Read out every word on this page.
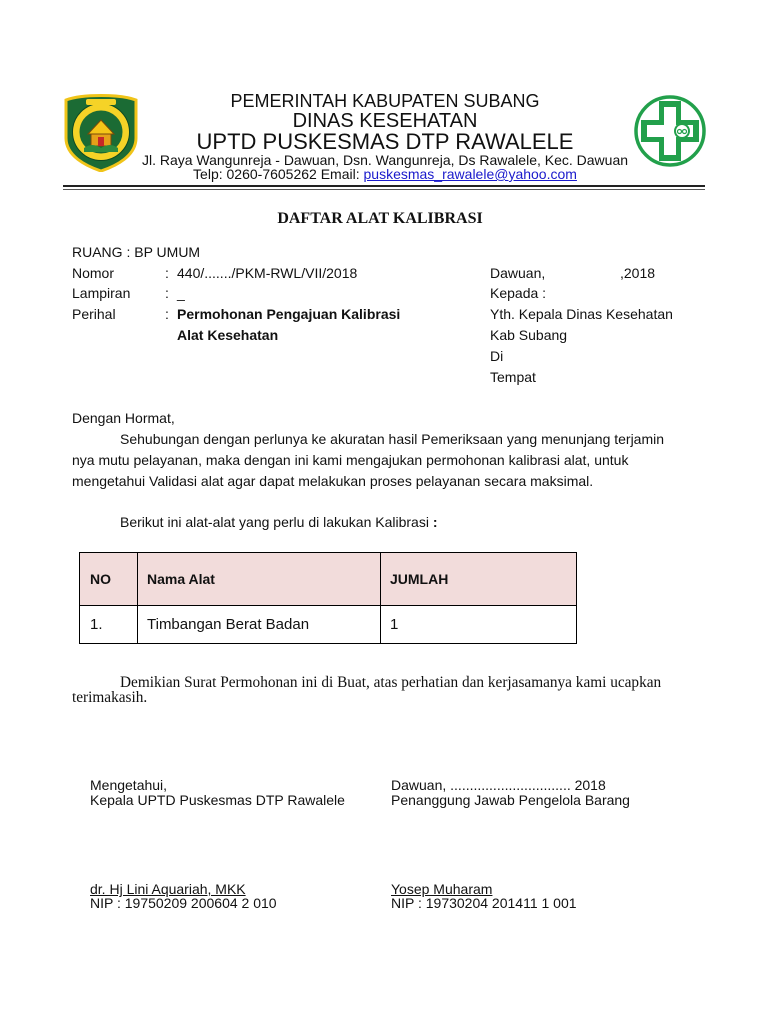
PEMERINTAH KABUPATEN SUBANG
DINAS KESEHATAN
UPTD PUSKESMAS DTP RAWALELE
Jl. Raya Wangunreja - Dawuan, Dsn. Wangunreja, Ds Rawalele, Kec. Dawuan
Telp: 0260-7605262 Email: puskesmas_rawalele@yahoo.com
DAFTAR ALAT KALIBRASI
RUANG : BP UMUM
Nomor	: 440/......./PKM-RWL/VII/2018
Lampiran : _
Perihal	: Permohonan Pengajuan Kalibrasi
Alat Kesehatan
Dawuan,	,2018
Kepada :
Yth. Kepala Dinas Kesehatan
Kab Subang
Di
Tempat
Dengan Hormat,
Sehubungan dengan perlunya ke akuratan hasil Pemeriksaan yang menunjang terjamin
nya mutu pelayanan, maka dengan ini kami mengajukan permohonan kalibrasi alat, untuk
mengetahui Validasi alat agar dapat melakukan proses pelayanan secara maksimal.
Berikut ini alat-alat yang perlu di lakukan Kalibrasi :
NO	Nama Alat	JUMLAH
1.	Timbangan Berat Badan	1
Demikian Surat Permohonan ini di Buat, atas perhatian dan kerjasamanya kami ucapkan
terimakasih.
Mengetahui,
Kepala UPTD Puskesmas DTP Rawalele
dr. Hj Lini Aquariah, MKK
NIP : 19750209 200604 2 010
Dawuan, ............................... 2018
Penanggung Jawab Pengelola Barang
Yosep Muharam
NIP : 19730204 201411 1 001
